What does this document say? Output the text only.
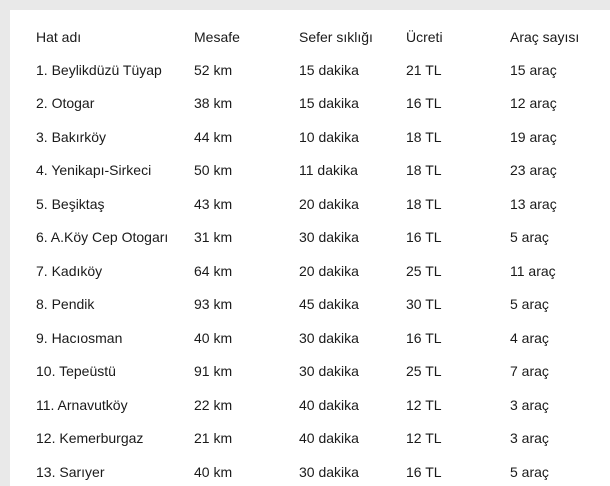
Hat adı	Mesafe	Sefer sıklığı	Ücreti	Araç sayısı
1. Beylikdüzü Tüyap	52 km	15 dakika	21 TL	15 araç
2. Otogar	38 km	15 dakika	16 TL	12 araç
3. Bakırköy	44 km	10 dakika	18 TL	19 araç
4. Yenikapı-Sirkeci	50 km	11 dakika	18 TL	23 araç
5. Beşiktaş	43 km	20 dakika	18 TL	13 araç
6. A.Köy Cep Otogarı	31 km	30 dakika	16 TL	5 araç
7. Kadıköy	64 km	20 dakika	25 TL	11 araç
8. Pendik	93 km	45 dakika	30 TL	5 araç
9. Hacıosman	40 km	30 dakika	16 TL	4 araç
10. Tepeüstü	91 km	30 dakika	25 TL	7 araç
11. Arnavutköy	22 km	40 dakika	12 TL	3 araç
12. Kemerburgaz	21 km	40 dakika	12 TL	3 araç
13. Sarıyer	40 km	30 dakika	16 TL	5 araç
